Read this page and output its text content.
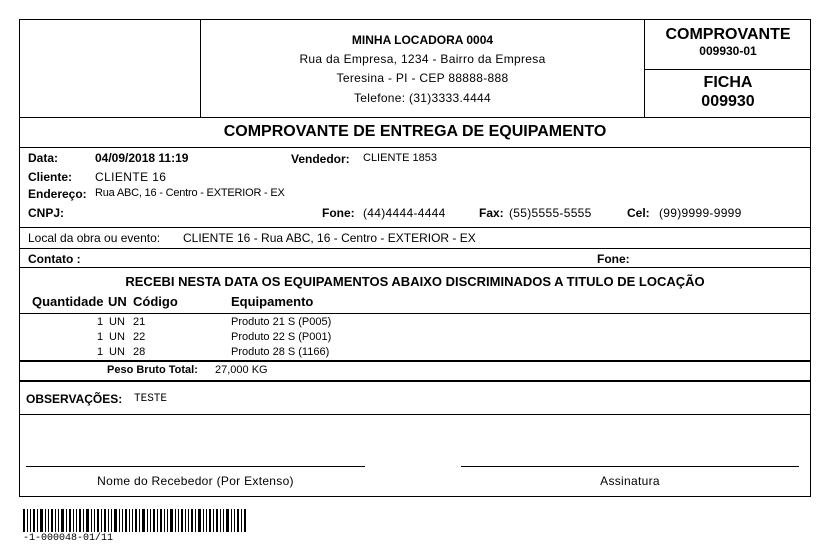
MINHA LOCADORA 0004
Rua da Empresa, 1234 - Bairro da Empresa
Teresina - PI - CEP 88888-888
Telefone: (31)3333.4444
COMPROVANTE
009930-01
FICHA
009930
COMPROVANTE DE ENTREGA DE EQUIPAMENTO
Data:	04/09/2018 11:19	Vendedor: CLIENTE 1853
Cliente: CLIENTE 16
Endereço: Rua ABC, 16 - Centro - EXTERIOR - EX
CNPJ:	Fone: (44)4444-4444	Fax: (55)5555-5555	Cel: (99)9999-9999
Local da obra ou evento: CLIENTE 16 - Rua ABC, 16 - Centro - EXTERIOR - EX
Contato :	Fone:
RECEBI NESTA DATA OS EQUIPAMENTOS ABAIXO DISCRIMINADOS A TITULO DE LOCAÇÃO
Quantidade UN Código	Equipamento
1 UN 21	Produto 21 S (P005)
1 UN 22	Produto 22 S (P001)
1 UN 28	Produto 28 S (1166)
Peso Bruto Total: 27,000 KG
OBSERVAÇÕES: TESTE
Nome do Recebedor (Por Extenso)	Assinatura
-1-000048-01/11
